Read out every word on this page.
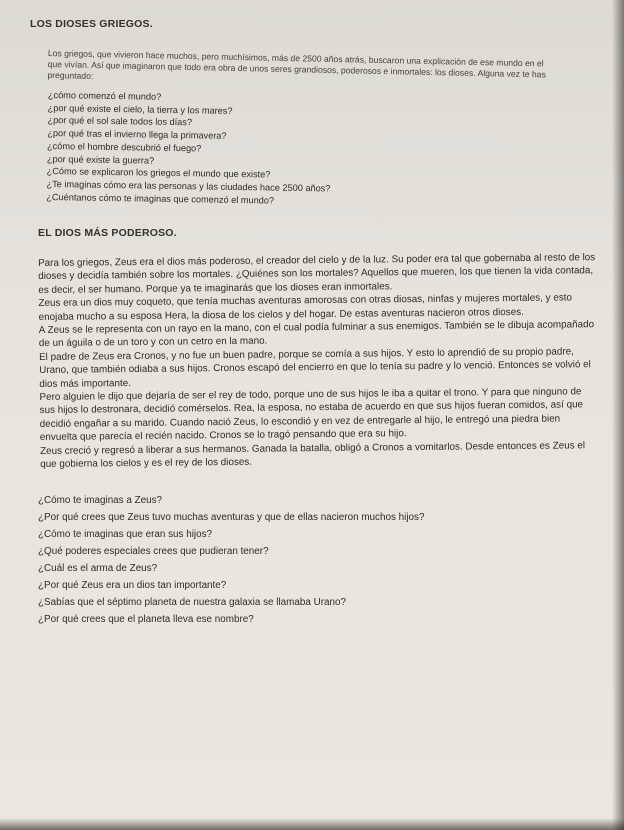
LOS DIOSES GRIEGOS.

Los griegos, que vivieron hace muchos, pero muchísimos, más de 2500 años atrás, buscaron una explicación de ese mundo en el que vivían. Así que imaginaron que todo era obra de unos seres grandiosos, poderosos e inmortales: los dioses. Alguna vez te has preguntado:

¿cómo comenzó el mundo?
¿por qué existe el cielo, la tierra y los mares?
¿por qué el sol sale todos los días?
¿por qué tras el invierno llega la primavera?
¿cómo el hombre descubrió el fuego?
¿por qué existe la guerra?
¿Cómo se explicaron los griegos el mundo que existe?
¿Te imaginas cómo era las personas y las ciudades hace 2500 años?
¿Cuéntanos cómo te imaginas que comenzó el mundo?
EL DIOS MÁS PODEROSO.

Para los griegos, Zeus era el dios más poderoso, el creador del cielo y de la luz. Su poder era tal que gobernaba al resto de los dioses y decidía también sobre los mortales. ¿Quiénes son los mortales? Aquellos que mueren, los que tienen la vida contada, es decir, el ser humano. Porque ya te imaginarás que los dioses eran inmortales.

Zeus era un dios muy coqueto, que tenía muchas aventuras amorosas con otras diosas, ninfas y mujeres mortales, y esto enojaba mucho a su esposa Hera, la diosa de los cielos y del hogar. De estas aventuras nacieron otros dioses.

A Zeus se le representa con un rayo en la mano, con el cual podía fulminar a sus enemigos. También se le dibuja acompañado de un águila o de un toro y con un cetro en la mano.

El padre de Zeus era Cronos, y no fue un buen padre, porque se comía a sus hijos. Y esto lo aprendió de su propio padre, Urano, que también odiaba a sus hijos. Cronos escapó del encierro en que lo tenía su padre y lo venció. Entonces se volvió el dios más importante.

Pero alguien le dijo que dejaría de ser el rey de todo, porque uno de sus hijos le iba a quitar el trono. Y para que ninguno de sus hijos lo destronara, decidió comérselos. Rea, la esposa, no estaba de acuerdo en que sus hijos fueran comidos, así que decidió engañar a su marido. Cuando nació Zeus, lo escondió y en vez de entregarle al hijo, le entregó una piedra bien envuelta que parecía el recién nacido. Cronos se lo tragó pensando que era su hijo.

Zeus creció y regresó a liberar a sus hermanos. Ganada la batalla, obligó a Cronos a vomitarlos. Desde entonces es Zeus el que gobierna los cielos y es el rey de los dioses.

¿Cómo te imaginas a Zeus?
¿Por qué crees que Zeus tuvo muchas aventuras y que de ellas nacieron muchos hijos?
¿Cómo te imaginas que eran sus hijos?
¿Qué poderes especiales crees que pudieran tener?
¿Cuál es el arma de Zeus?
¿Por qué Zeus era un dios tan importante?
¿Sabías que el séptimo planeta de nuestra galaxia se llamaba Urano?
¿Por qué crees que el planeta lleva ese nombre?
